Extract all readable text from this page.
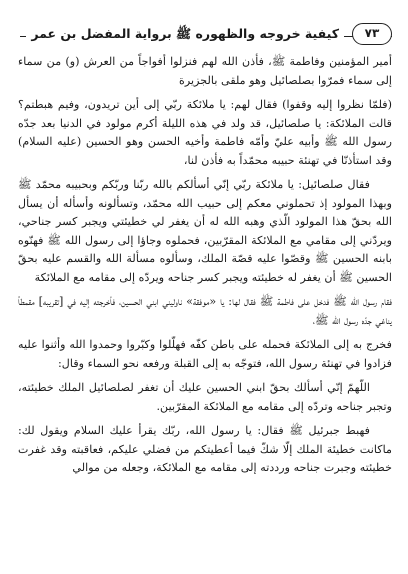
كيفية خروجه والظهوره ﷺ برواية المفضل بن عمر	٧٣

أمير المؤمنين وفاطمة ﷺ، فأذن الله لهم فنزلوا أفواجاً من العرش (و) من سماء إلى سماء فمرّوا بصلصائيل وهو ملقى بالجزيرة

(فلمّا نظروا إليه وقفوا) فقال لهم: يا ملائكة ربّي إلى أين تريدون، وفيم هبطتم؟ قالت الملائكة: يا صلصائيل، قد ولد في هذه الليلة أكرم مولود في الدنيا بعد جدّه رسول الله ﷺ وأبيه عليّ وأمّه فاطمة وأخيه الحسن وهو الحسين (عليه السلام) وقد استأذنّا في تهنئة حبيبه محمّداً به فأذن لنا،

فقال صلصائيل: يا ملائكة ربّي إنّي أسألكم بالله ربّنا وربّكم وبحبيبه محمّد ﷺ وبهذا المولود إذ تحملوني معكم إلى حبيب الله محمّد، وتسألونه وأسأله أن يسأل الله بحقّ هذا المولود الّذي وهبه الله له أن يغفر لي خطيئتي ويجبر كسر جناحي، ويردّني إلى مقامي مع الملائكة المقرّبين، فحملوه وجاؤا إلى رسول الله ﷺ فهنّوه بابنه الحسين ﷺ وقصّوا عليه قصّة الملك، وسألوه مسألة الله والقسم عليه بحقّ الحسين ﷺ أن يغفر له خطيئته ويجبر كسر جناحه ويردّه إلى مقامه مع الملائكة

فقام رسول الله ﷺ فدخل على فاطمة ﷺ فقال لها: يا «موفقة» ناوليني ابني الحسين، فأخرجته إليه في [تقريبه] مقمطاً يناغي جدّه رسول الله ﷺ،

فخرج به إلى الملائكة فحمله على باطن كفّه فهلّلوا وكبّروا وحمدوا الله وأثنوا عليه فزادوا في تهنئة رسول الله، فتوجّه به إلى القبلة ورفعه نحو السماء وقال:

اللّهمّ إنّي أسألك بحقّ ابني الحسين عليك أن تغفر لصلصائيل الملك خطيئته، وتجبر جناحه وتردّه إلى مقامه مع الملائكة المقرّبين.

فهبط جبرئيل ﷺ فقال: يا رسول الله، ربّك يقرأ عليك السلام ويقول لك: ماكانت خطيئة الملك إلّا شكّ فيما أعطيتكم من فضلي عليكم، فعاقبته وقد غفرت خطيئته وجبرت جناحه ورددته إلى مقامه مع الملائكة، وجعله من موالي
